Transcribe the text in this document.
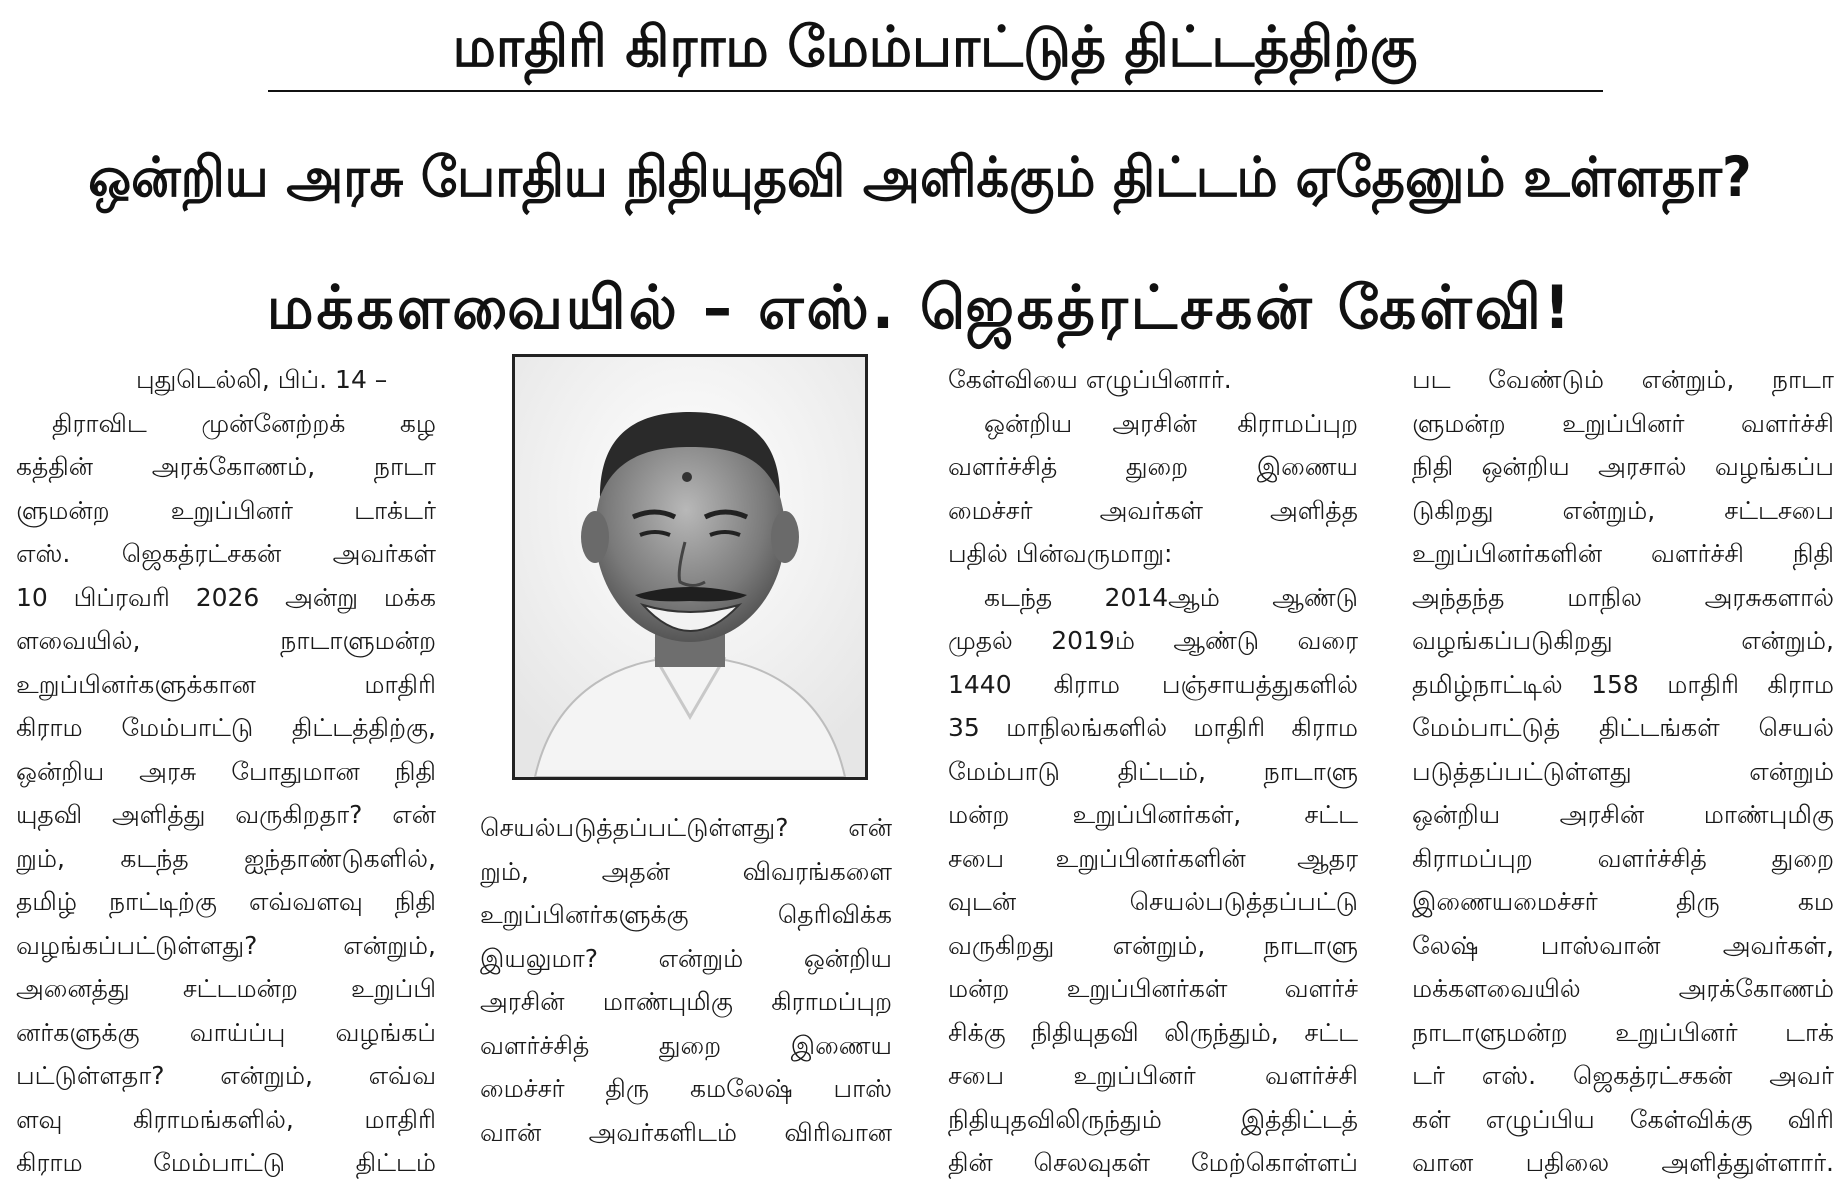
மாதிரி கிராம மேம்பாட்டுத் திட்டத்திற்கு
ஒன்றிய அரசு போதிய நிதியுதவி அளிக்கும் திட்டம் ஏதேனும் உள்ளதா?
மக்களவையில் – எஸ். ஜெகத்ரட்சகன் கேள்வி!
புதுடெல்லி, பிப். 14 –
திராவிட முன்னேற்றக் கழ
கத்தின் அரக்கோணம், நாடா
ளுமன்ற உறுப்பினர் டாக்டர்
எஸ். ஜெகத்ரட்சகன் அவர்கள்
10 பிப்ரவரி 2026 அன்று மக்க
ளவையில், நாடாளுமன்ற
உறுப்பினர்களுக்கான மாதிரி
கிராம மேம்பாட்டு திட்டத்திற்கு,
ஒன்றிய அரசு போதுமான நிதி
யுதவி அளித்து வருகிறதா? என்
றும், கடந்த ஐந்தாண்டுகளில்,
தமிழ் நாட்டிற்கு எவ்வளவு நிதி
வழங்கப்பட்டுள்ளது? என்றும்,
அனைத்து சட்டமன்ற உறுப்பி
னர்களுக்கு வாய்ப்பு வழங்கப்
பட்டுள்ளதா? என்றும், எவ்வ
ளவு கிராமங்களில், மாதிரி
கிராம மேம்பாட்டு திட்டம்
செயல்படுத்தப்பட்டுள்ளது? என்
றும், அதன் விவரங்களை
உறுப்பினர்களுக்கு தெரிவிக்க
இயலுமா? என்றும் ஒன்றிய
அரசின் மாண்புமிகு கிராமப்புற
வளர்ச்சித் துறை இணைய
மைச்சர் திரு கமலேஷ் பாஸ்
வான் அவர்களிடம் விரிவான
கேள்வியை எழுப்பினார்.
ஒன்றிய அரசின் கிராமப்புற
வளர்ச்சித் துறை இணைய
மைச்சர் அவர்கள் அளித்த
பதில் பின்வருமாறு:
கடந்த 2014ஆம் ஆண்டு
முதல் 2019ம் ஆண்டு வரை
1440 கிராம பஞ்சாயத்துகளில்
35 மாநிலங்களில் மாதிரி கிராம
மேம்பாடு திட்டம், நாடாளு
மன்ற உறுப்பினர்கள், சட்ட
சபை உறுப்பினர்களின் ஆதர
வுடன் செயல்படுத்தப்பட்டு
வருகிறது என்றும், நாடாளு
மன்ற உறுப்பினர்கள் வளர்ச்
சிக்கு நிதியுதவி லிருந்தும், சட்ட
சபை உறுப்பினர் வளர்ச்சி
நிதியுதவிலிருந்தும் இத்திட்டத்
தின் செலவுகள் மேற்கொள்ளப்
பட வேண்டும் என்றும், நாடா
ளுமன்ற உறுப்பினர் வளர்ச்சி
நிதி ஒன்றிய அரசால் வழங்கப்ப
டுகிறது என்றும், சட்டசபை
உறுப்பினர்களின் வளர்ச்சி நிதி
அந்தந்த மாநில அரசுகளால்
வழங்கப்படுகிறது என்றும்,
தமிழ்நாட்டில் 158 மாதிரி கிராம
மேம்பாட்டுத் திட்டங்கள் செயல்
படுத்தப்பட்டுள்ளது என்றும்
ஒன்றிய அரசின் மாண்புமிகு
கிராமப்புற வளர்ச்சித் துறை
இணையமைச்சர் திரு கம
லேஷ் பாஸ்வான் அவர்கள்,
மக்களவையில் அரக்கோணம்
நாடாளுமன்ற உறுப்பினர் டாக்
டர் எஸ். ஜெகத்ரட்சகன் அவர்
கள் எழுப்பிய கேள்விக்கு விரி
வான பதிலை அளித்துள்ளார்.
